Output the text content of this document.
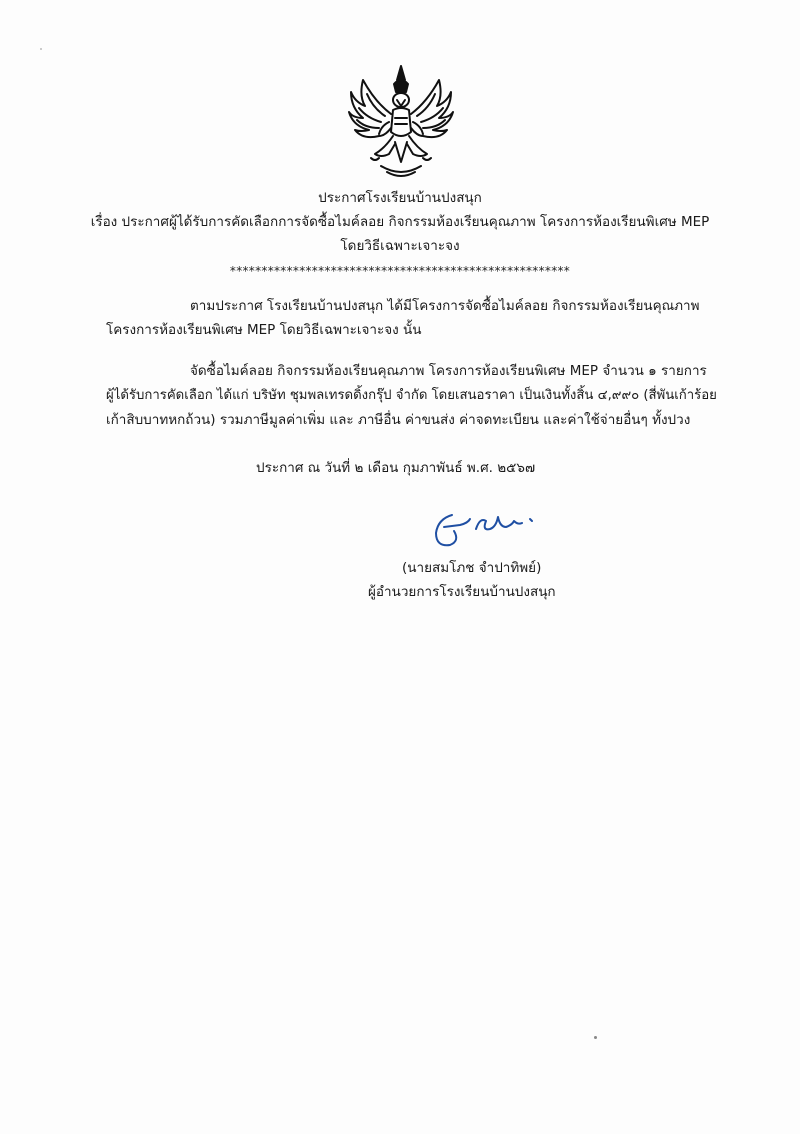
ประกาศโรงเรียนบ้านปงสนุก
เรื่อง ประกาศผู้ได้รับการคัดเลือกการจัดซื้อไมค์ลอย กิจกรรมห้องเรียนคุณภาพ โครงการห้องเรียนพิเศษ MEP
โดยวิธีเฉพาะเจาะจง
******************************************************
ตามประกาศ โรงเรียนบ้านปงสนุก ได้มีโครงการจัดซื้อไมค์ลอย กิจกรรมห้องเรียนคุณภาพ
โครงการห้องเรียนพิเศษ MEP โดยวิธีเฉพาะเจาะจง นั้น
จัดซื้อไมค์ลอย กิจกรรมห้องเรียนคุณภาพ โครงการห้องเรียนพิเศษ MEP จำนวน ๑ รายการ
ผู้ได้รับการคัดเลือก ได้แก่ บริษัท ชุมพลเทรดดิ้งกรุ๊ป จำกัด โดยเสนอราคา เป็นเงินทั้งสิ้น ๔,๙๙๐ (สี่พันเก้าร้อย
เก้าสิบบาทหกถ้วน) รวมภาษีมูลค่าเพิ่ม และ ภาษีอื่น ค่าขนส่ง ค่าจดทะเบียน และค่าใช้จ่ายอื่นๆ ทั้งปวง
ประกาศ ณ วันที่ ๒ เดือน กุมภาพันธ์ พ.ศ. ๒๕๖๗
(นายสมโภช จำปาทิพย์)
ผู้อำนวยการโรงเรียนบ้านปงสนุก
